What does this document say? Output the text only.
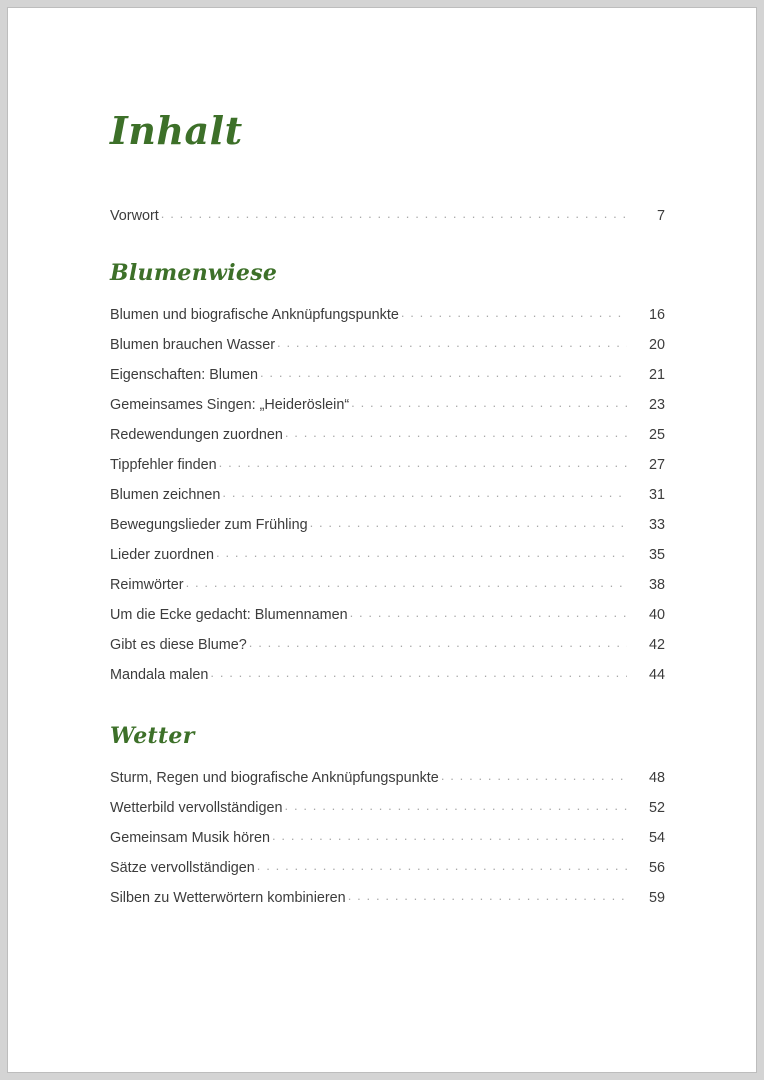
Inhalt
Vorwort . . .	7
Blumenwiese
Blumen und biografische Anknüpfungspunkte . . .	16
Blumen brauchen Wasser . . .	20
Eigenschaften: Blumen . . .	21
Gemeinsames Singen: „Heideröslein“ . . .	23
Redewendungen zuordnen . . .	25
Tippfehler finden . . .	27
Blumen zeichnen . . .	31
Bewegungslieder zum Frühling . . .	33
Lieder zuordnen . . .	35
Reimwörter . . .	38
Um die Ecke gedacht: Blumennamen . . .	40
Gibt es diese Blume? . . .	42
Mandala malen . . .	44
Wetter
Sturm, Regen und biografische Anknüpfungspunkte . . .	48
Wetterbild vervollständigen . . .	52
Gemeinsam Musik hören . . .	54
Sätze vervollständigen . . .	56
Silben zu Wetterwörtern kombinieren . . .	59
